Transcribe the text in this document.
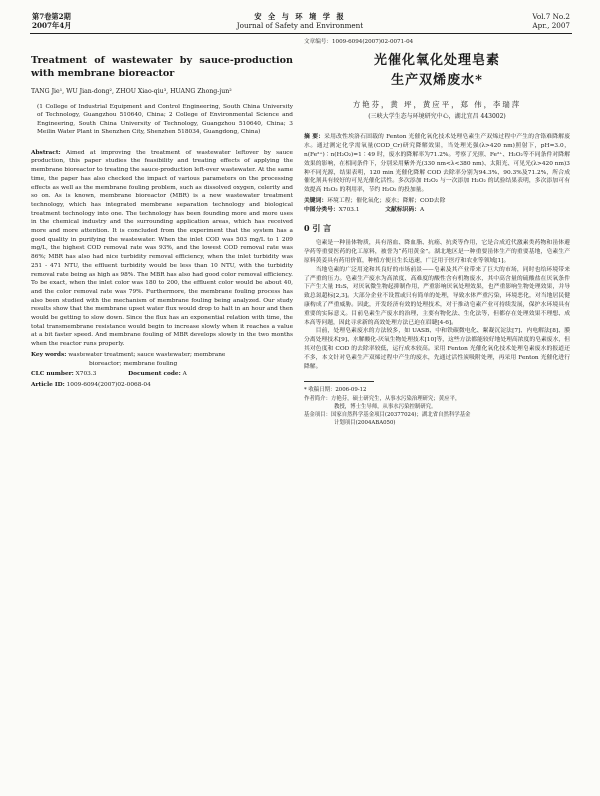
第7卷第2期
2007年4月
安 全 与 环 境 学 报
Journal of Safety and Environment
Vol.7 No.2
Apr., 2007
Treatment of wastewater by sauce-production with membrane bioreactor
TANG Jie¹, WU Jian-dong², ZHOU Xiao-qiu³, HUANG Zhong-jun²
(1 College of Industrial Equipment and Control Engineering, South China University of Technology, Guangzhou 510640, China; 2 College of Environmental Science and Engineering, South China University of Technology, Guangzhou 510640, China; 3 Meilin Water Plant in Shenzhen City, Shenzhen 518034, Guangdong, China)
Abstract: Aimed at improving the treatment of wastewater leftover by sauce production, this paper studies the feasibility and treating effects of applying the membrane bioreactor to treating the sauce-production left-over wastewater. At the same time, the paper has also checked the impact of various parameters on the processing effects as well as the membrane fouling problem, such as dissolved oxygen, celerity and so on. As is known, membrane bioreactor (MBR) is a new wastewater treatment technology, which has integrated membrane separation technology and biological treatment technology into one. The technology has been founding more and more uses in the chemical industry and the surrounding application areas, which has received more and more attention. It is concluded from the experiment that the system has a good quality in purifying the wastewater. When the inlet COD was 503 mg/L to 1 209 mg/L, the highest COD removal rate was 93%, and the lowest COD removal rate was 86%; MBR has also had nice turbidity removal efficiency, when the inlet turbidity was 251 - 471 NTU, the effluent turbidity would be less than 10 NTU, with the turbidity removal rate being as high as 98%. The MBR has also had good color removal efficiency. To be exact, when the inlet color was 180 to 200, the effluent color would be about 40, and the color removal rate was 79%. Furthermore, the membrane fouling process has also been studied with the mechanism of membrane fouling being analyzed. Our study results show that the membrane upset water flux would drop to halt in an hour and then would be getting to slow down. Since the flux has an exponential relation with time, the total transmembrane resistance would begin to increase slowly when it reaches a value at a bit faster speed. And membrane fouling of MBR develops slowly in the two months when the reactor runs properly.
Key words: wastewater treatment; sauce wastewater; membrane
bioreactor; membrane fouling
CLC number: X703.3	Document code: A
Article ID: 1009-6094(2007)02-0068-04
文章编号：1009-6094(2007)02-0071-04
光催化氧化处理皂素
生产双烯废水*
方艳芬，黄 坪，黄应平，郑 伟，李瑞萍
(三峡大学生态与环境研究中心，湖北宜昌 443002)
摘 要：采用改性埃洛石固载的 Fenton 光催化氧化技术处理皂素生产双烯过程中产生的含铬难降解废水。通过测定化学需氧量(COD_Cr)研究降解效果，当处理光强(λ>420 nm)照射下，pH=3.0，n(Fe²⁺)∶n(H₂O₂)=1∶49 时，废水的降解率为71.2%。考察了光照、Fe²⁺、H₂O₂等不同条件对降解效果的影响，在相同条件下，分别采用紫外光(330 nm<λ<380 nm)、太阳光、可见光(λ>420 nm)3种不同光源，结果表明，120 min 光催化降解 COD 去除率分别为94.3%、90.3%及71.2%，所合成催化剂具有较好的可见光催化活性。多次添加 H₂O₂ 与一次添加 H₂O₂ 的试验结果表明，多次添加可有效提高 H₂O₂ 的利用率，节约 H₂O₂ 的投加量。
关键词：环境工程；催化氧化；废水；降解；COD去除
中图分类号：X703.1	文献标识码：A
0 引 言

皂素是一种甾体物质，具有溶血、降血脂、抗癌、抗炎等作用，它是合成近代激素类药物和甾体避孕药等重要医药的化工原料，被誉为“药用黄金”。湖北地区是一种重要甾体生产的重要基地，皂素生产原料黄姜具有药用价值，种植方便且生长迅速，广泛用于医疗和农业等领域[1]。

当地皂素的广泛用途和其良好的市场前景——皂素及其产业带来了巨大的市场，同时也给环境带来了严重的压力。皂素生产废水为高浓度、高难度的酸性含有机物废水，其中高含量的硫酸盐在厌氧条件下产生大量 H₂S，对厌氧微生物起抑制作用，严重影响厌氧处理效果，也严重影响生物处理效果，并导致总氮超标[2,3]。大部分企业不设置或只有简单的处理，导致水体严重污染，环境恶化，对当地居民健康构成了严重威胁。因此，开发经济有效的处理技术，对于推动皂素产业可持续发展，保护水环境具有重要的实际意义。目前皂素生产废水的治理，主要有物化法、生化法等，但都存在处理效果不理想、成本高等问题，因此寻求新的高效处理方法已迫在眉睫[4-6]。

目前，处理皂素废水的方法较多，如 UASB、中和铁碳微电化、絮凝沉淀法[7]、内电解法[8]、膜分离处理技术[9]、水解酸化-厌氧生物处理技术[10]等，这些方法都能较好地处理高浓度的皂素废水，但其对色度和 COD 的去除率较低，运行成本较高。采用 Fenton 光催化氧化技术处理皂素废水的报道还不多，本文针对皂素生产双烯过程中产生的废水，先通过活性炭吸附处理，再采用 Fenton 光催化进行降解。

* 收稿日期：2006-09-12
作者简介：方艳芬，硕士研究生，从事水污染治理研究；黄应平，
教授，博士生导师，从事水污染控制研究。
基金项目：国家自然科学基金项目(20377024)；湖北省自然科学基金
计划项目(2004ABA050)
